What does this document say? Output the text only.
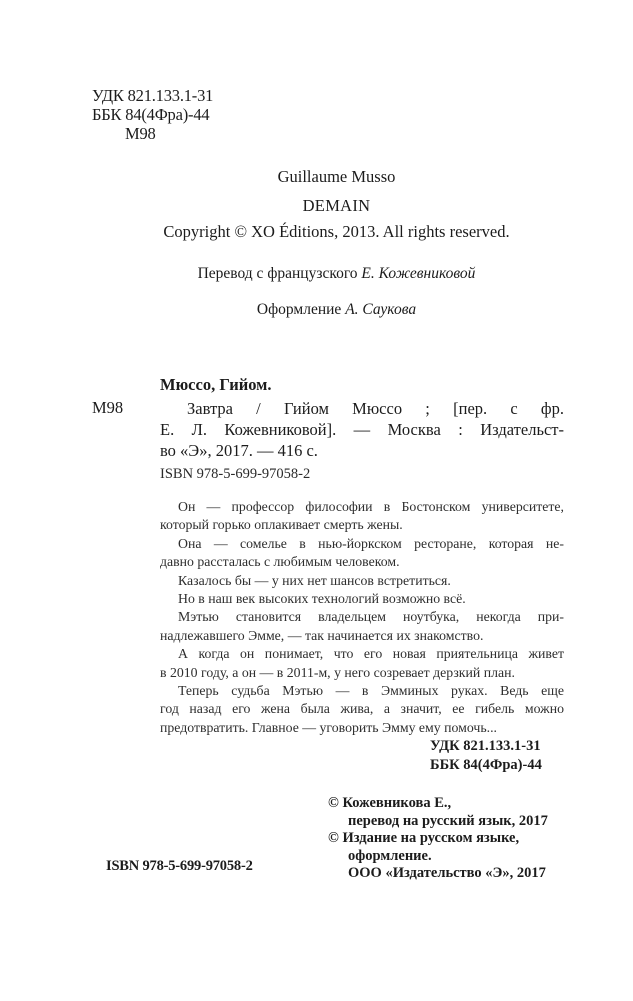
УДК 821.133.1-31
ББК 84(4Фра)-44
М98
Guillaume Musso
DEMAIN
Copyright © XO Éditions, 2013. All rights reserved.
Перевод с французского Е. Кожевниковой
Оформление А. Саукова
Мюссо, Гийом.
М98	Завтра / Гийом Мюссо ; [пер. с фр.
Е. Л. Кожевниковой]. — Москва : Издательст-
во «Э», 2017. — 416 с.
ISBN 978-5-699-97058-2
Он — профессор философии в Бостонском университете,
который горько оплакивает смерть жены.
Она — сомелье в нью-йоркском ресторане, которая не-
давно рассталась с любимым человеком.
Казалось бы — у них нет шансов встретиться.
Но в наш век высоких технологий возможно всё.
Мэтью становится владельцем ноутбука, некогда при-
надлежавшего Эмме, — так начинается их знакомство.
А когда он понимает, что его новая приятельница живет
в 2010 году, а он — в 2011-м, у него созревает дерзкий план.
Теперь судьба Мэтью — в Эмминых руках. Ведь еще
год назад его жена была жива, а значит, ее гибель можно
предотвратить. Главное — уговорить Эмму ему помочь...
УДК 821.133.1-31
ББК 84(4Фра)-44
© Кожевникова Е.,
перевод на русский язык, 2017
© Издание на русском языке,
оформление.
ООО «Издательство «Э», 2017
ISBN 978-5-699-97058-2
